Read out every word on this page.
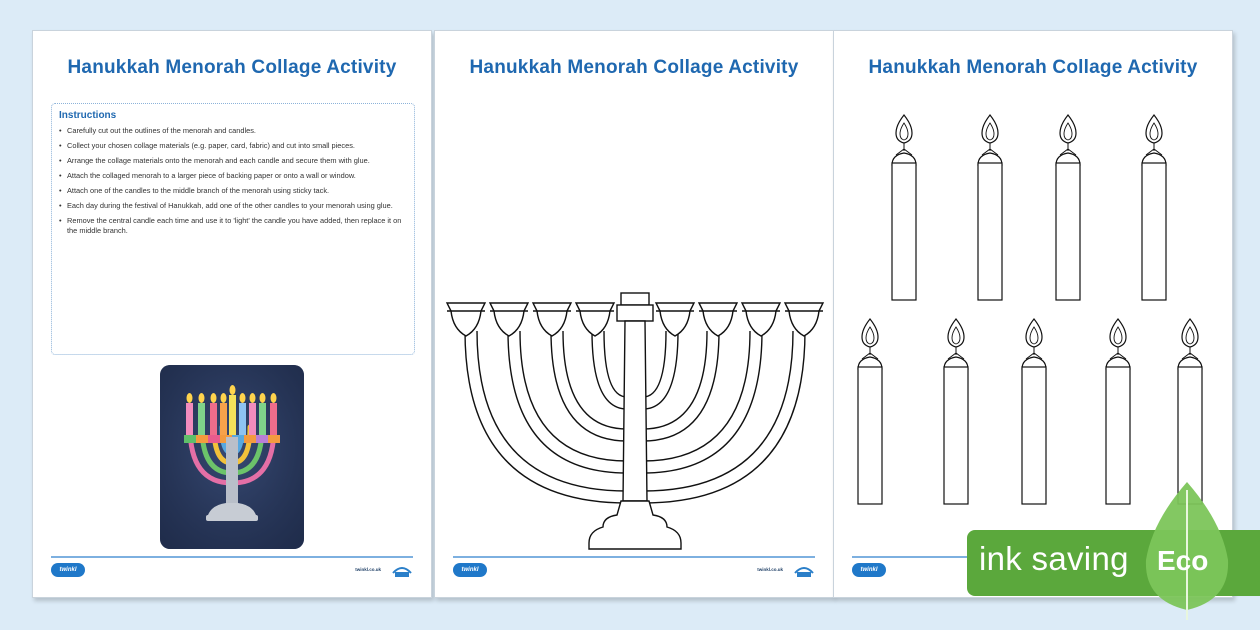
Hanukkah Menorah Collage Activity
Instructions
• Carefully cut out the outlines of the menorah and candles.
• Collect your chosen collage materials (e.g. paper, card, fabric) and cut into small pieces.
• Arrange the collage materials onto the menorah and each candle and secure them with glue.
• Attach the collaged menorah to a larger piece of backing paper or onto a wall or window.
• Attach one of the candles to the middle branch of the menorah using sticky tack.
• Each day during the festival of Hanukkah, add one of the other candles to your menorah using glue.
• Remove the central candle each time and use it to 'light' the candle you have added, then replace it on the middle branch.
twinkl	twinkl.co.uk
Hanukkah Menorah Collage Activity
twinkl	twinkl.co.uk
Hanukkah Menorah Collage Activity
twinkl	ink saving Eco
